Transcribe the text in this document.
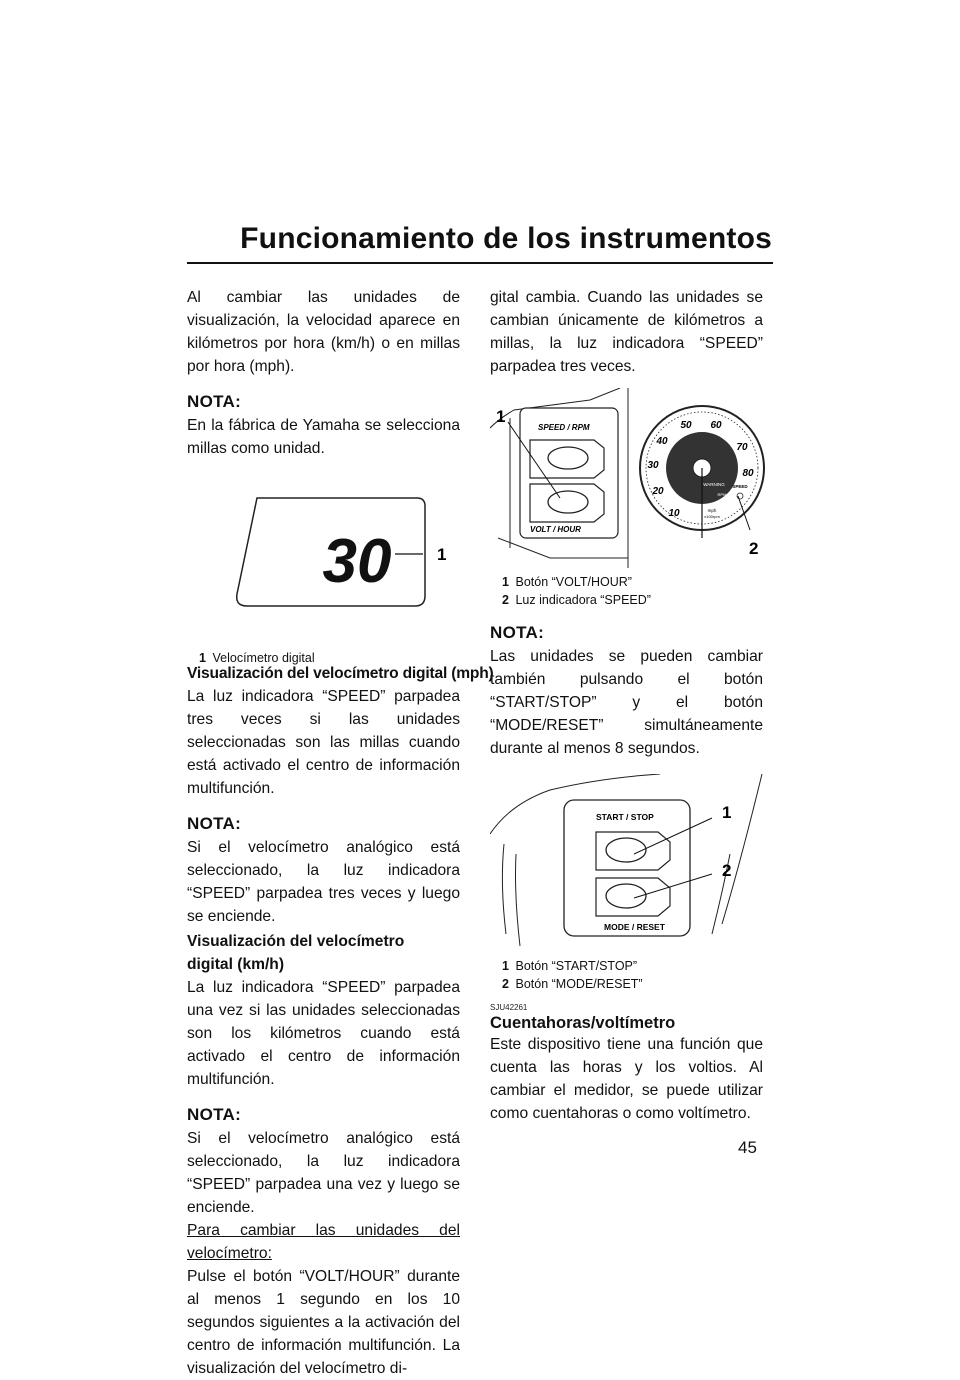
Funcionamiento de los instrumentos

Al cambiar las unidades de visualización, la velocidad aparece en kilómetros por hora (km/h) o en millas por hora (mph).

NOTA:

En la fábrica de Yamaha se selecciona millas como unidad.

30	1
1 Velocímetro digital
Visualización del velocímetro digital (mph)

La luz indicadora “SPEED” parpadea tres veces si las unidades seleccionadas son las millas cuando está activado el centro de información multifunción.

NOTA:

Si el velocímetro analógico está seleccionado, la luz indicadora “SPEED” parpadea tres veces y luego se enciende.

Visualización del velocímetro digital (km/h)

La luz indicadora “SPEED” parpadea una vez si las unidades seleccionadas son los kilómetros cuando está activado el centro de información multifunción.

NOTA:

Si el velocímetro analógico está seleccionado, la luz indicadora “SPEED” parpadea una vez y luego se enciende.

Para cambiar las unidades del velocímetro:

Pulse el botón “VOLT/HOUR” durante al menos 1 segundo en los 10 segundos siguientes a la activación del centro de información multifunción. La visualización del velocímetro di-

gital cambia. Cuando las unidades se cambian únicamente de kilómetros a millas, la luz indicadora “SPEED” parpadea tres veces.

SPEED / RPM
VOLT / HOUR
1
10
20
30
40
50 60
70
80
WARNING SPEED
RPM
mph
x100rpm
2
1 Botón “VOLT/HOUR”
2 Luz indicadora “SPEED”
NOTA:

Las unidades se pueden cambiar también pulsando el botón “START/STOP” y el botón “MODE/RESET” simultáneamente durante al menos 8 segundos.

START / STOP
MODE / RESET
1
2
1 Botón “START/STOP”
2 Botón “MODE/RESET”
SJU42261
Cuentahoras/voltímetro

Este dispositivo tiene una función que cuenta las horas y los voltios. Al cambiar el medidor, se puede utilizar como cuentahoras o como voltímetro.

45
